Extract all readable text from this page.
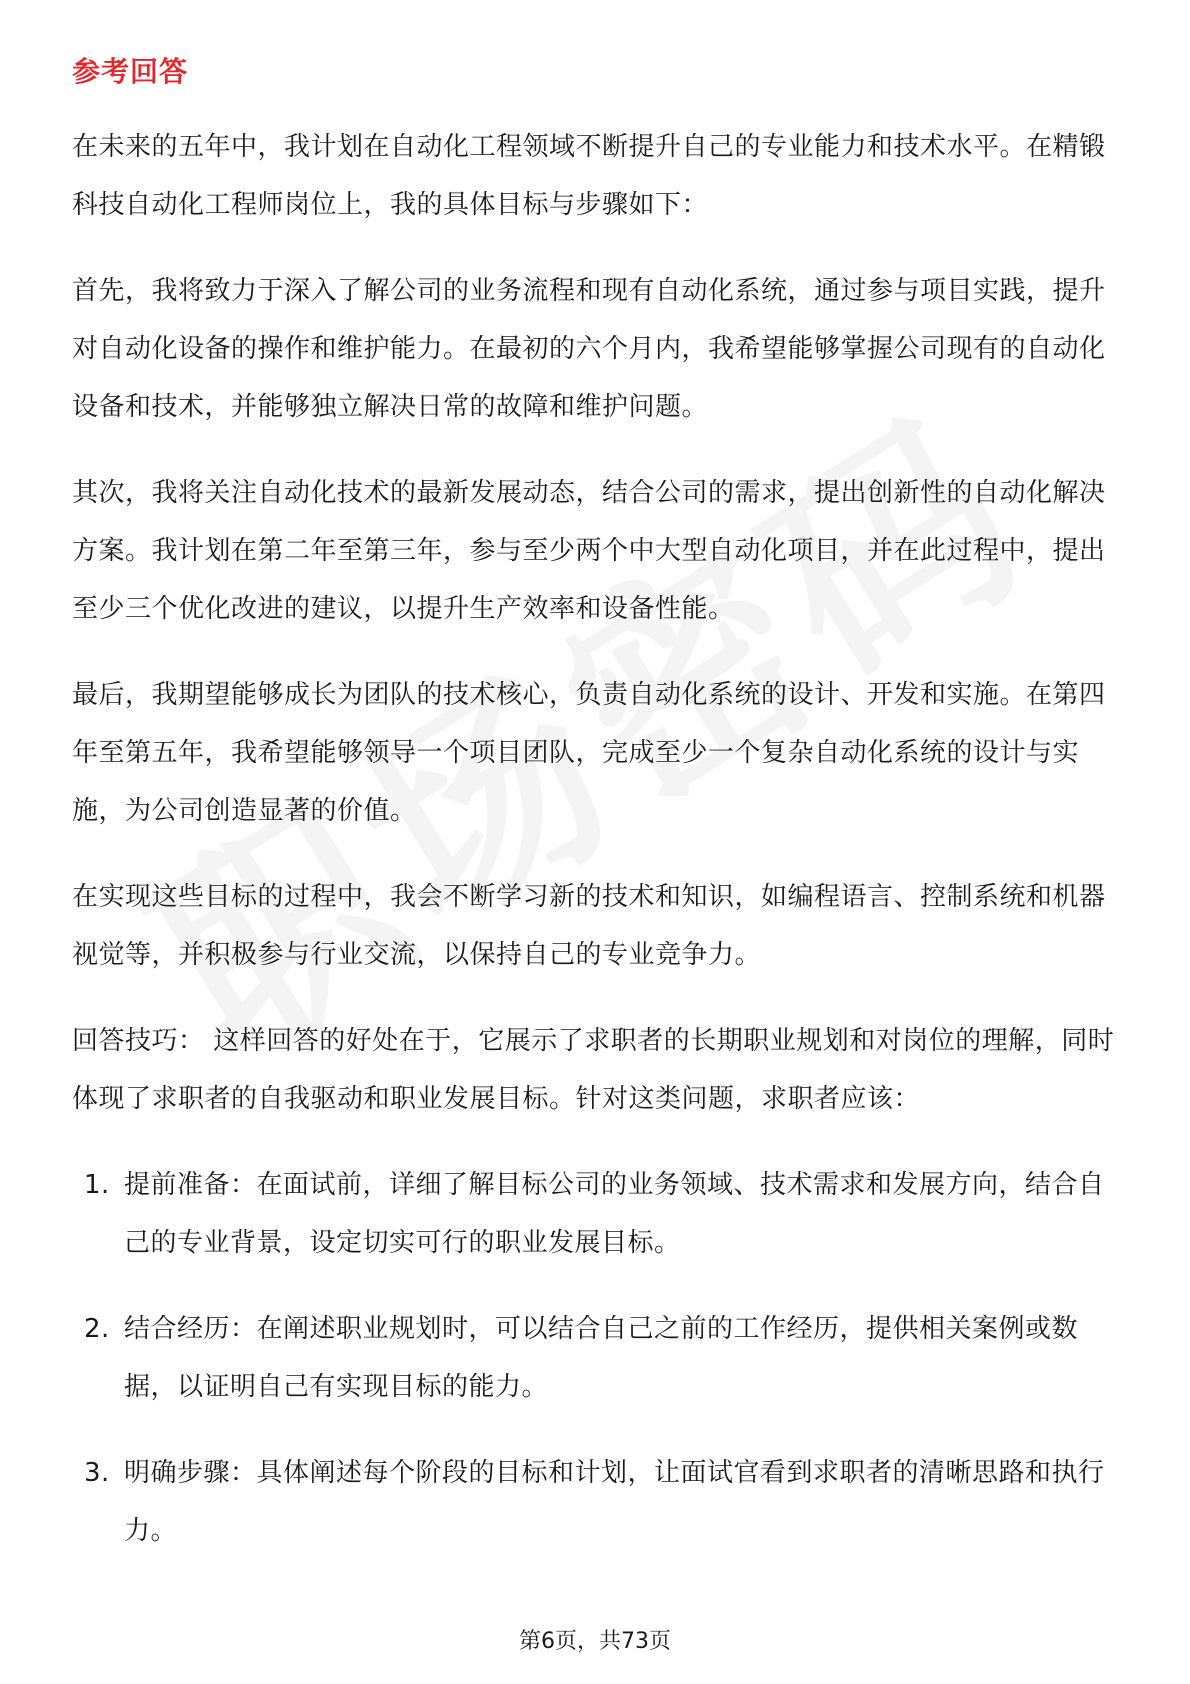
参考回答

在未来的五年中，我计划在自动化工程领域不断提升自己的专业能力和技术水平。在精锻科技自动化工程师岗位上，我的具体目标与步骤如下：

首先，我将致力于深入了解公司的业务流程和现有自动化系统，通过参与项目实践，提升对自动化设备的操作和维护能力。在最初的六个月内，我希望能够掌握公司现有的自动化设备和技术，并能够独立解决日常的故障和维护问题。

其次，我将关注自动化技术的最新发展动态，结合公司的需求，提出创新性的自动化解决方案。我计划在第二年至第三年，参与至少两个中大型自动化项目，并在此过程中，提出至少三个优化改进的建议，以提升生产效率和设备性能。

最后，我期望能够成长为团队的技术核心，负责自动化系统的设计、开发和实施。在第四年至第五年，我希望能够领导一个项目团队，完成至少一个复杂自动化系统的设计与实施，为公司创造显著的价值。

在实现这些目标的过程中，我会不断学习新的技术和知识，如编程语言、控制系统和机器视觉等，并积极参与行业交流，以保持自己的专业竞争力。

回答技巧： 这样回答的好处在于，它展示了求职者的长期职业规划和对岗位的理解，同时体现了求职者的自我驱动和职业发展目标。针对这类问题，求职者应该：

1. 提前准备：在面试前，详细了解目标公司的业务领域、技术需求和发展方向，结合自己的专业背景，设定切实可行的职业发展目标。
2. 结合经历：在阐述职业规划时，可以结合自己之前的工作经历，提供相关案例或数据，以证明自己有实现目标的能力。
3. 明确步骤：具体阐述每个阶段的目标和计划，让面试官看到求职者的清晰思路和执行力。
第6页，共73页
